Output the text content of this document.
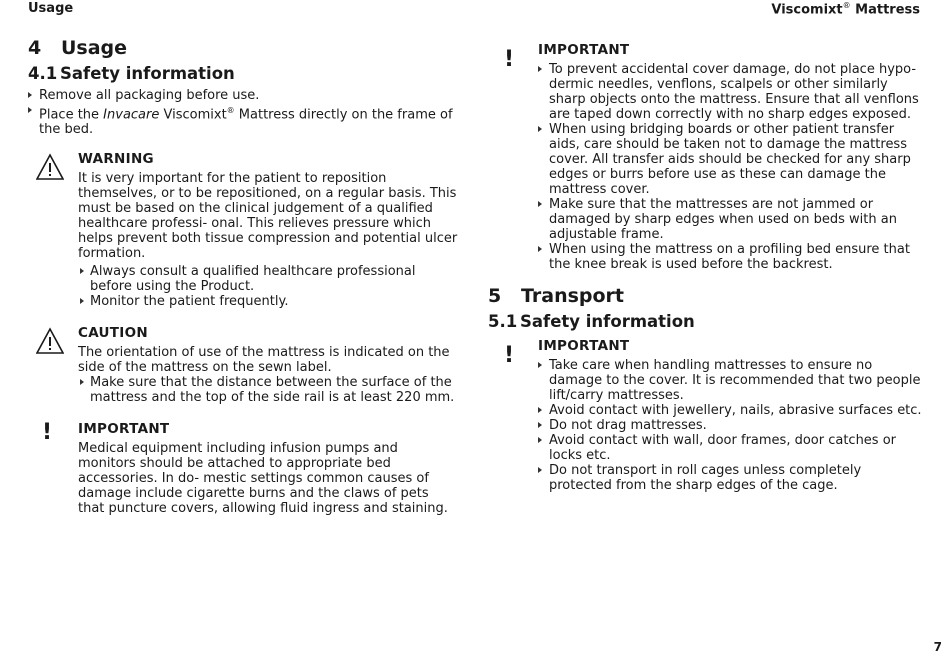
Usage	Viscomixt® Mattress
4 Usage
4.1 Safety information
Remove all packaging before use.
Place the Invacare Viscomixt® Mattress directly on the frame of the bed.
WARNING
It is very important for the patient to reposition themselves, or to be repositioned, on a regular basis. This must be based on the clinical judgement of a qualified healthcare professi- onal. This relieves pressure which helps prevent both tissue compression and potential ulcer formation.
Always consult a qualified healthcare professional before using the Product.
Monitor the patient frequently.
CAUTION
The orientation of use of the mattress is indicated on the side of the mattress on the sewn label.
Make sure that the distance between the surface of the mattress and the top of the side rail is at least 220 mm.
! IMPORTANT
Medical equipment including infusion pumps and monitors should be attached to appropriate bed accessories. In do- mestic settings common causes of damage include cigarette burns and the claws of pets that puncture covers, allowing fluid ingress and staining.
! IMPORTANT
To prevent accidental cover damage, do not place hypo- dermic needles, venflons, scalpels or other similarly sharp objects onto the mattress. Ensure that all venflons are taped down correctly with no sharp edges exposed.
When using bridging boards or other patient transfer aids, care should be taken not to damage the mattress cover. All transfer aids should be checked for any sharp edges or burrs before use as these can damage the mattress cover.
Make sure that the mattresses are not jammed or damaged by sharp edges when used on beds with an adjustable frame.
When using the mattress on a profiling bed ensure that the knee break is used before the backrest.
5 Transport
5.1 Safety information
! IMPORTANT
Take care when handling mattresses to ensure no damage to the cover. It is recommended that two people lift/carry mattresses.
Avoid contact with jewellery, nails, abrasive surfaces etc.
Do not drag mattresses.
Avoid contact with wall, door frames, door catches or locks etc.
Do not transport in roll cages unless completely protected from the sharp edges of the cage.
7
